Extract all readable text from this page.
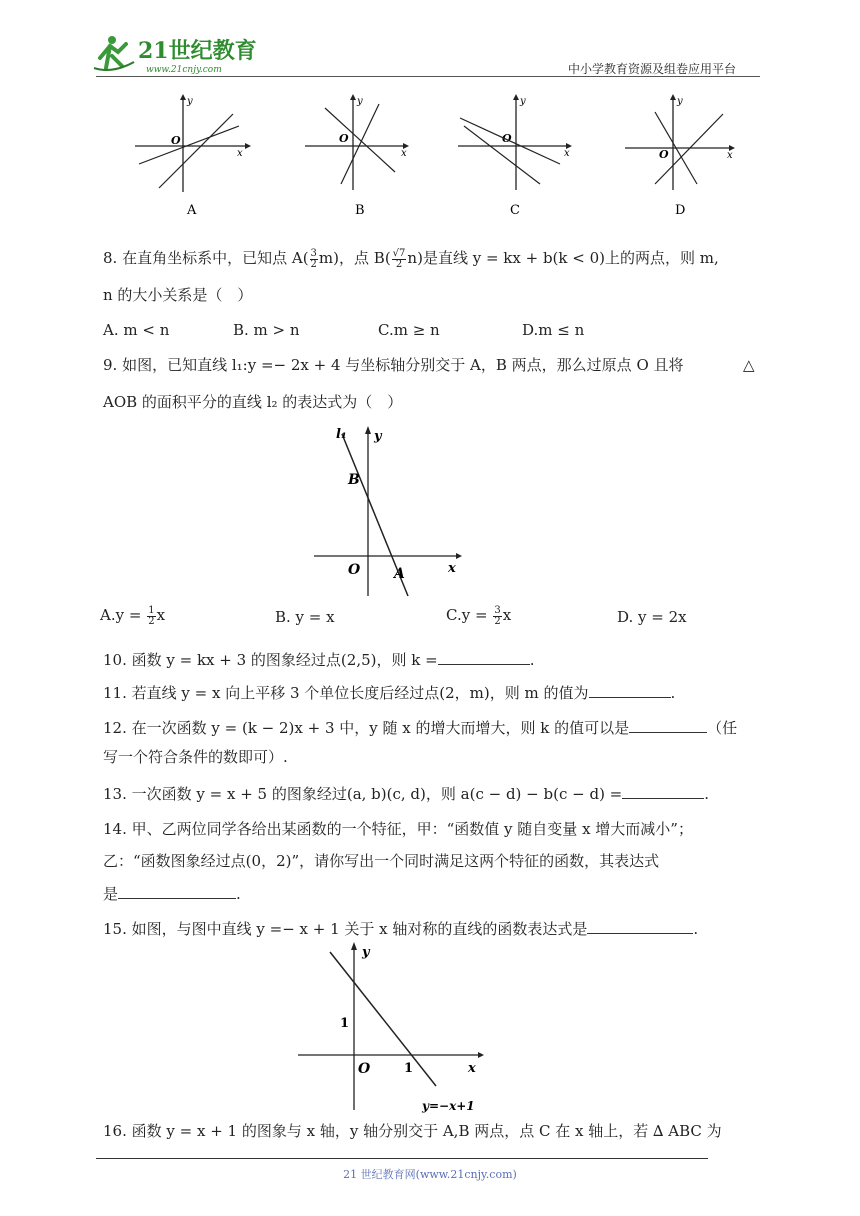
21世纪教育
www.21cnjy.com	中小学教育资源及组卷应用平台
y
x
O
A
y
x
O
B
y
x
O
C
y
x
O
D
8. 在直角坐标系中，已知点 $A( \frac{3}{2} m)$，点 $B( \frac{√7}{2} n)$是直线 y = kx + b(k < 0)上的两点，则 m,
n 的大小关系是（　）
A. m < n	B. m > n	C.m ≥ n	D.m ≤ n
9. 如图，已知直线 l₁:y =− 2x + 4 与坐标轴分别交于 A，B 两点，那么过原点 O 且将	△
AOB 的面积平分的直线 l₂ 的表达式为（　）
l₁ y
B
O A	x
$A.y = \frac{1}{2}$ x	B. y = x	$C.y = \frac{3}{2}$ x	D. y = 2x
10. 函数 y = kx + 3 的图象经过点(2,5)，则 k =	.
11. 若直线 y = x 向上平移 3 个单位长度后经过点(2，m)，则 m 的值为	.
12. 在一次函数 y = (k − 2)x + 3 中，y 随 x 的增大而增大，则 k 的值可以是	（任
写一个符合条件的数即可）.
13. 一次函数 y = x + 5 的图象经过(a, b)(c, d)，则 a(c − d) − b(c − d) =	.
14. 甲、乙两位同学各给出某函数的一个特征，甲：“函数值 y 随自变量 x 增大而减小”；
乙：“函数图象经过点(0，2)”，请你写出一个同时满足这两个特征的函数，其表达式
是	.
15. 如图，与图中直线 y =− x + 1 关于 x 轴对称的直线的函数表达式是	.
y
1
O	1	x
y=−x+1
16. 函数 y = x + 1 的图象与 x 轴，y 轴分别交于 A,B 两点，点 C 在 x 轴上，若 ∆ ABC 为
21 世纪教育网(www.21cnjy.com)
